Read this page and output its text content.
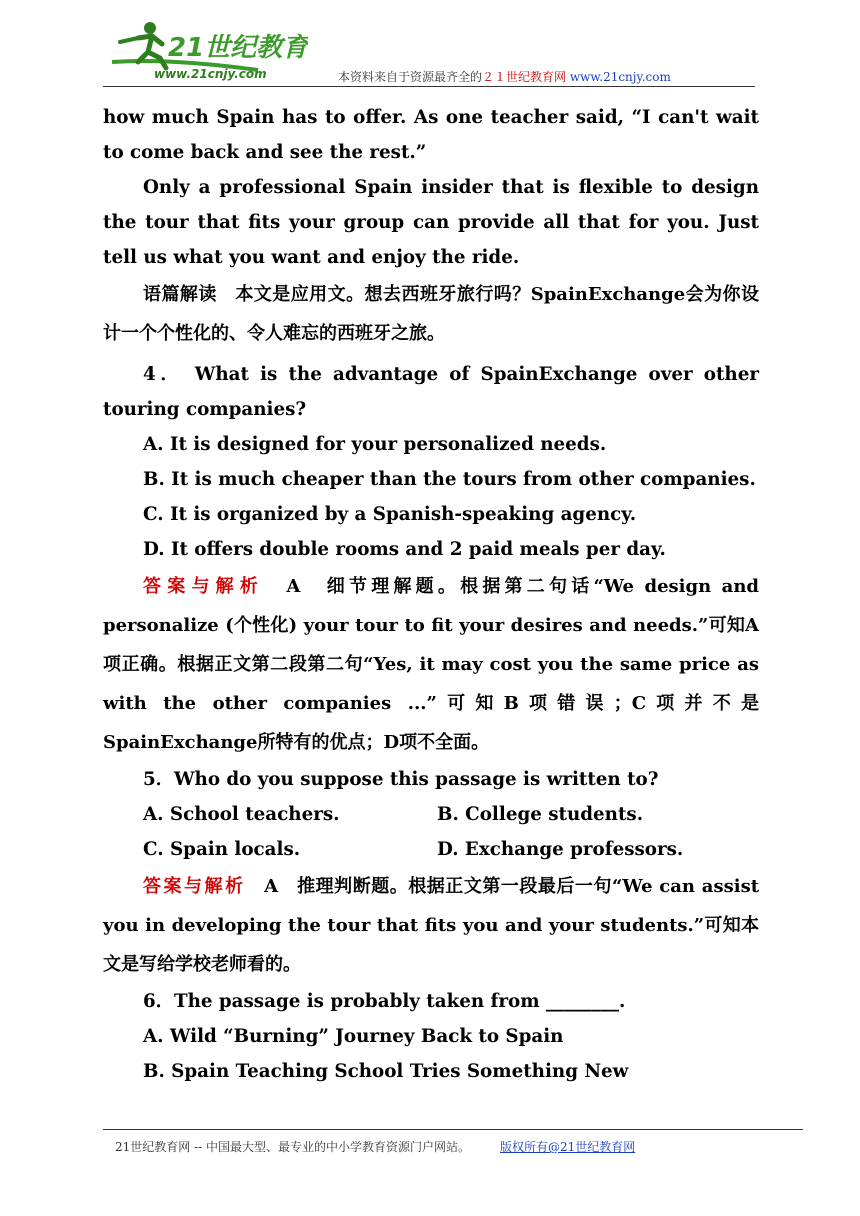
21世纪教育
www.21cnjy.com	本资料来自于资源最齐全的２１世纪教育网 www.21cnjy.com

how much Spain has to offer. As one teacher said, “I can't wait to come back and see the rest.”

Only a professional Spain insider that is flexible to design the tour that fits your group can provide all that for you. Just tell us what you want and enjoy the ride.

语篇解读　 本文是应用文。想去西班牙旅行吗？SpainExchange会为你设计一个个性化的、令人难忘的西班牙之旅。

4． What is the advantage of SpainExchange over other touring companies?

A. It is designed for your personalized needs.

B. It is much cheaper than the tours from other companies.

C. It is organized by a Spanish-speaking agency.

D. It offers double rooms and 2 paid meals per day.

答案与解析　 A　细节理解题。根据第二句话“We design and personalize (个性化) your tour to fit your desires and needs.”可知A项正确。根据正文第二段第二句“Yes, it may cost you the same price as with the other companies ...”可知B项错误；C项并不是SpainExchange所特有的优点；D项不全面。

5．Who do you suppose this passage is written to?

A. School teachers.	B. College students.
C. Spain locals.	D. Exchange professors.

答案与解析　 A　推理判断题。根据正文第一段最后一句“We can assist you in developing the tour that fits you and your students.”可知本文是写给学校老师看的。

6．The passage is probably taken from ________.

A. Wild “Burning” Journey Back to Spain

B. Spain Teaching School Tries Something New

21世纪教育网 -- 中国最大型、最专业的中小学教育资源门户网站。	版权所有@21世纪教育网
